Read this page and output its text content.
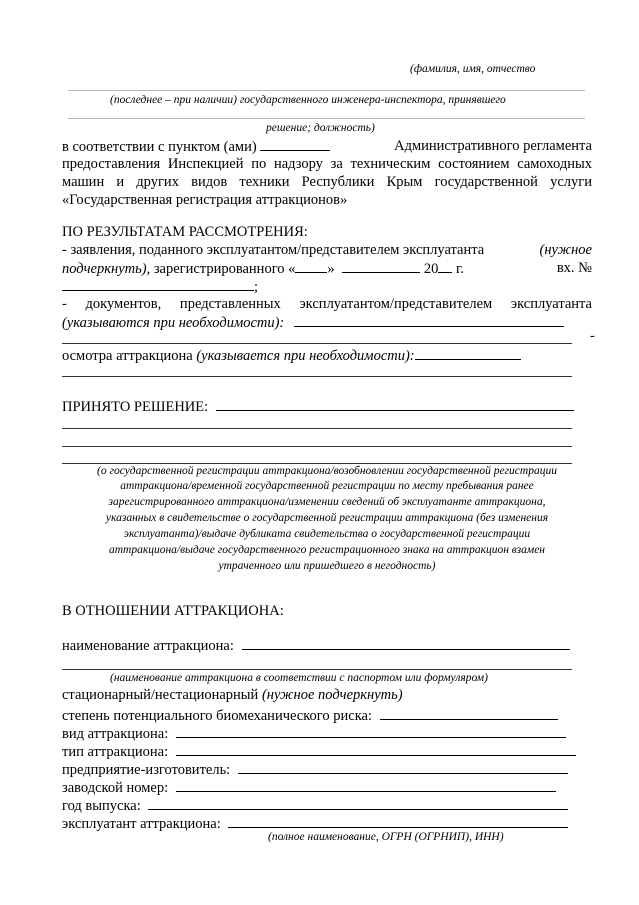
(фамилия, имя, отчество
(последнее – при наличии) государственного инженера-инспектора, принявшего
решение; должность)
в соответствии с пунктом (ами)	Административного регламента
предоставления Инспекцией по надзору за техническим состоянием самоходных
машин и других видов техники Республики Крым государственной услуги
«Государственная регистрация аттракционов»
ПО РЕЗУЛЬТАТАМ РАССМОТРЕНИЯ:
- заявления, поданного эксплуатантом/представителем эксплуатанта	(нужное
подчеркнуть), зарегистрированного « »	20 г.	вх. №
;
- документов, представленных эксплуатантом/представителем эксплуатанта
(указываются при необходимости):
-
осмотра аттракциона (указывается при необходимости):
ПРИНЯТО РЕШЕНИЕ:
(о государственной регистрации аттракциона/возобновлении государственной регистрации
аттракциона/временной государственной регистрации по месту пребывания ранее
зарегистрированного аттракциона/изменении сведений об эксплуатанте аттракциона,
указанных в свидетельстве о государственной регистрации аттракциона (без изменения
эксплуатанта)/выдаче дубликата свидетельства о государственной регистрации
аттракциона/выдаче государственного регистрационного знака на аттракцион взамен
утраченного или пришедшего в негодность)
В ОТНОШЕНИИ АТТРАКЦИОНА:
наименование аттракциона:
(наименование аттракциона в соответствии с паспортом или формуляром)
стационарный/нестационарный (нужное подчеркнуть)
степень потенциального биомеханического риска:
вид аттракциона:
тип аттракциона:
предприятие-изготовитель:
заводской номер:
год выпуска:
эксплуатант аттракциона:
(полное наименование, ОГРН (ОГРНИП), ИНН)
